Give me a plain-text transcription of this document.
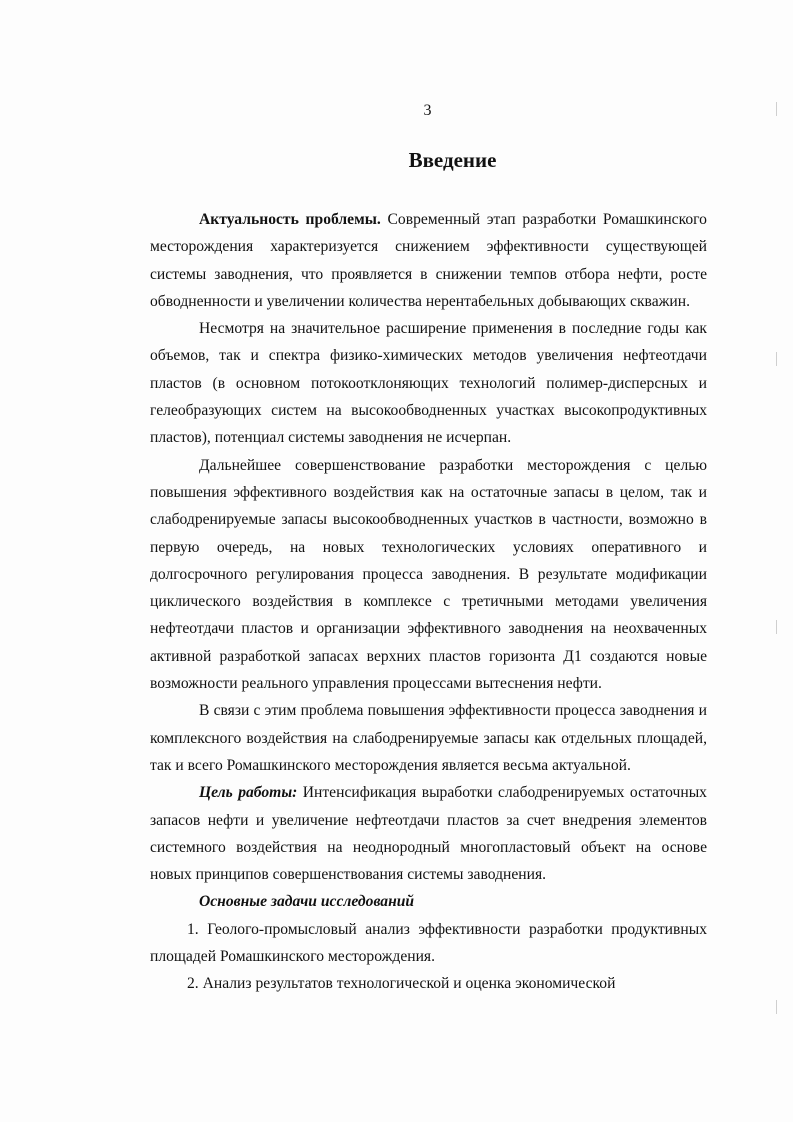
3
Введение

Актуальность проблемы. Современный этап разработки Ромашкинского месторождения характеризуется снижением эффективности существующей системы заводнения, что проявляется в снижении темпов отбора нефти, росте обводненности и увеличении количества нерентабельных добывающих скважин.

Несмотря на значительное расширение применения в последние годы как объемов, так и спектра физико-химических методов увеличения нефтеотдачи пластов (в основном потокоотклоняющих технологий полимер-дисперсных и гелеобразующих систем на высокообводненных участках высокопродуктивных пластов), потенциал системы заводнения не исчерпан.

Дальнейшее совершенствование разработки месторождения с целью повышения эффективного воздействия как на остаточные запасы в целом, так и слабодренируемые запасы высокообводненных участков в частности, возможно в первую очередь, на новых технологических условиях оперативного и долгосрочного регулирования процесса заводнения. В результате модификации циклического воздействия в комплексе с третичными методами увеличения нефтеотдачи пластов и организации эффективного заводнения на неохваченных активной разработкой запасах верхних пластов горизонта Д1 создаются новые возможности реального управления процессами вытеснения нефти.

В связи с этим проблема повышения эффективности процесса заводнения и комплексного воздействия на слабодренируемые запасы как отдельных площадей, так и всего Ромашкинского месторождения является весьма актуальной.

Цель работы: Интенсификация выработки слабодренируемых остаточных запасов нефти и увеличение нефтеотдачи пластов за счет внедрения элементов системного воздействия на неоднородный многопластовый объект на основе новых принципов совершенствования системы заводнения.

Основные задачи исследований

1. Геолого-промысловый анализ эффективности разработки продуктивных площадей Ромашкинского месторождения.
2. Анализ результатов технологической и оценка экономической
